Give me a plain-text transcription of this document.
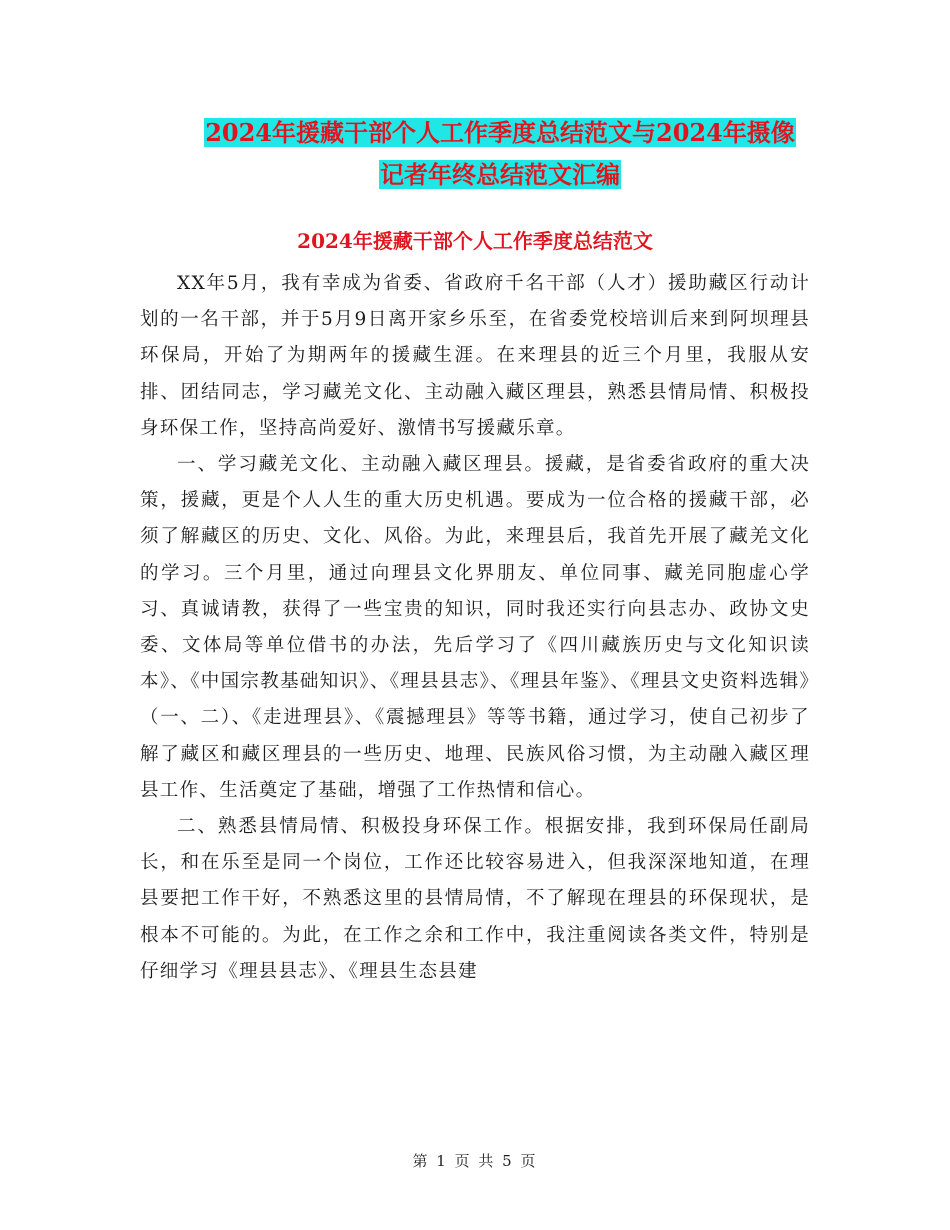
2024年援藏干部个人工作季度总结范文与2024年摄像
记者年终总结范文汇编
2024年援藏干部个人工作季度总结范文

XX年5月，我有幸成为省委、省政府千名干部（人才）援助藏区行动计划的一名干部，并于5月9日离开家乡乐至，在省委党校培训后来到阿坝理县环保局，开始了为期两年的援藏生涯。在来理县的近三个月里，我服从安排、团结同志，学习藏羌文化、主动融入藏区理县，熟悉县情局情、积极投身环保工作，坚持高尚爱好、激情书写援藏乐章。

一、学习藏羌文化、主动融入藏区理县。援藏，是省委省政府的重大决策，援藏，更是个人人生的重大历史机遇。要成为一位合格的援藏干部，必须了解藏区的历史、文化、风俗。为此，来理县后，我首先开展了藏羌文化的学习。三个月里，通过向理县文化界朋友、单位同事、藏羌同胞虚心学习、真诚请教，获得了一些宝贵的知识，同时我还实行向县志办、政协文史委、文体局等单位借书的办法，先后学习了《四川藏族历史与文化知识读本》、《中国宗教基础知识》、《理县县志》、《理县年鉴》、《理县文史资料选辑》（一、二）、《走进理县》、《震撼理县》等等书籍，通过学习，使自己初步了解了藏区和藏区理县的一些历史、地理、民族风俗习惯，为主动融入藏区理县工作、生活奠定了基础，增强了工作热情和信心。

二、熟悉县情局情、积极投身环保工作。根据安排，我到环保局任副局长，和在乐至是同一个岗位，工作还比较容易进入，但我深深地知道，在理县要把工作干好，不熟悉这里的县情局情，不了解现在理县的环保现状，是根本不可能的。为此，在工作之余和工作中，我注重阅读各类文件，特别是仔细学习《理县县志》、《理县生态县建

第 1 页 共 5 页
